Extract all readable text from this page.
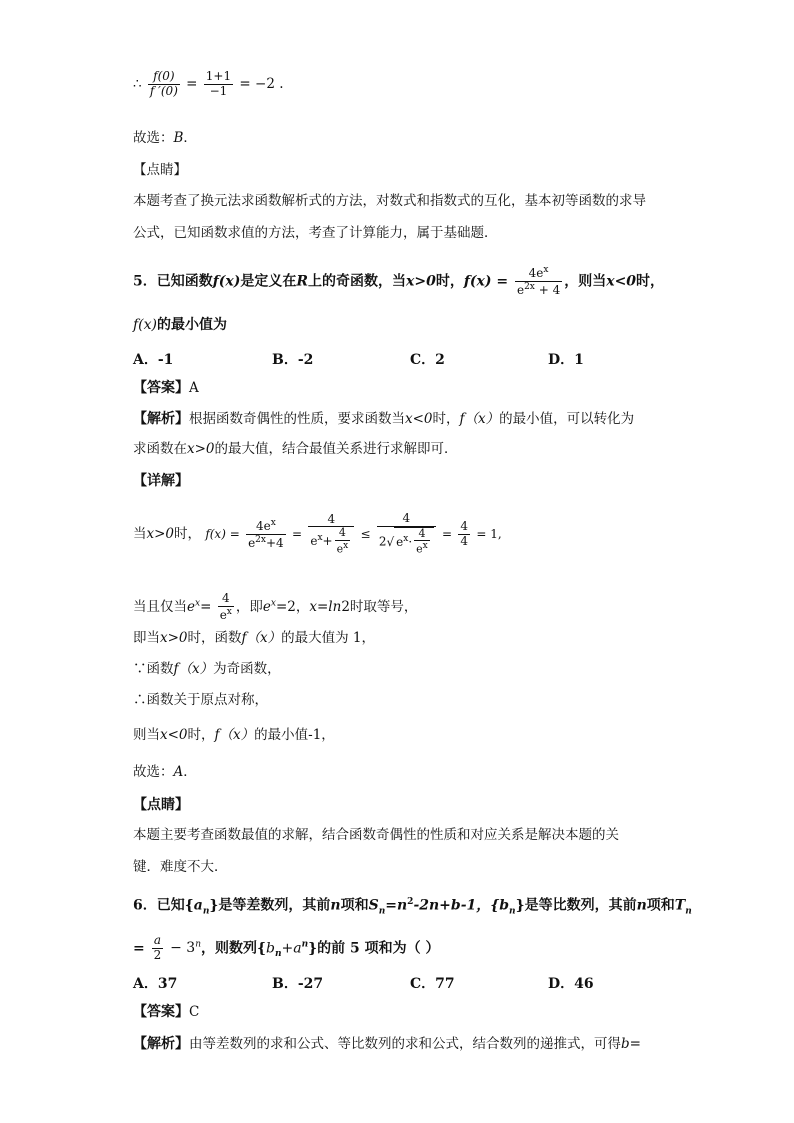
∴ $\frac{f(0)}{f '(0)} = \frac{1+1}{-1} = -2$ .
故选：B．
【点睛】
本题考查了换元法求函数解析式的方法，对数式和指数式的互化，基本初等函数的求导
公式，已知函数求值的方法，考查了计算能力，属于基础题．
5．已知函数f(x)是定义在R上的奇函数，当x>0时，$f(x) = \frac{4e^x}{e^{2x} + 4}$ ，则当x<0时，
f(x)的最小值为
A．-1	B．-2	C．2	D．1
【答案】A
【解析】根据函数奇偶性的性质，要求函数当x<0时，f（x）的最小值，可以转化为
求函数在x>0的最大值，结合最值关系进行求解即可．
【详解】
当x>0时， $f(x) = \frac{4e^x}{e^{2x}+4} = \frac{4}{e^x+ \frac{4}{e^x}} \le \frac{4}{2√ e^x\cdot \frac{4}{e^x}} = \frac{4}{4} = 1$,
当且仅当$e^x= \frac{4}{e^x}$ ，即$e^x=2$，x=ln2时取等号，
即当x>0时，函数f（x）的最大值为 1，
∵函数f（x）为奇函数，
∴函数关于原点对称，
则当x<0时，f（x）的最小值-1，
故选：A．
【点睛】
本题主要考查函数最值的求解，结合函数奇偶性的性质和对应关系是解决本题的关
键．难度不大．
6．已知$\{a_n\}$是等差数列，其前n项和$S_n=n^2-2n+b-1$，$\{b_n\}$是等比数列，其前n项和$T_n$
= $\frac{a}{2} - 3^n$，则数列$\{b_n+a^n\}$的前 5 项和为（ ）
A．37	B．-27	C．77	D．46
【答案】C
【解析】由等差数列的求和公式、等比数列的求和公式，结合数列的递推式，可得b=
